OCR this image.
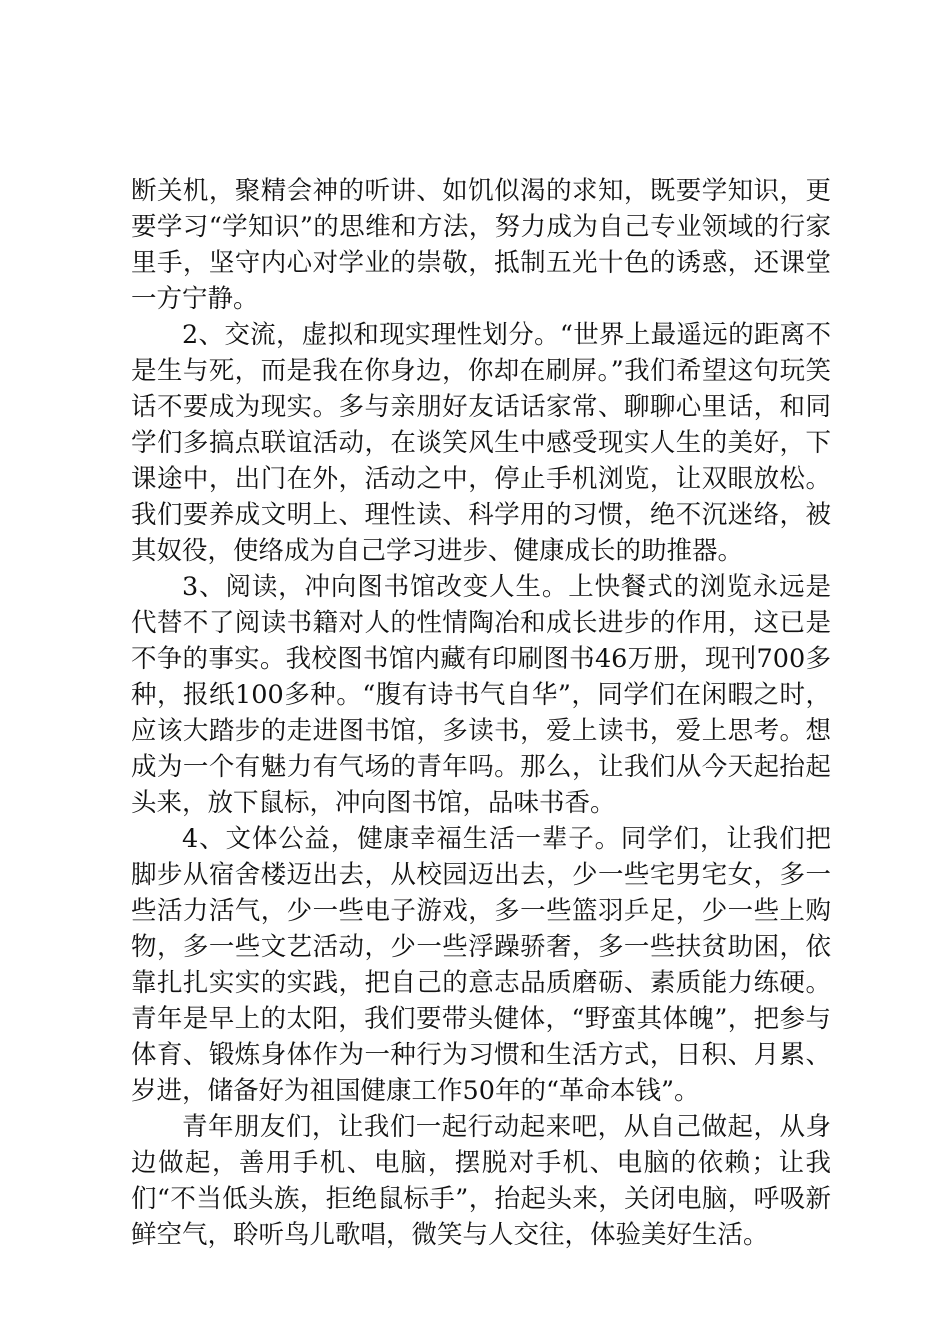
断关机，聚精会神的听讲、如饥似渴的求知，既要学知识，更要学习“学知识”的思维和方法，努力成为自己专业领域的行家里手，坚守内心对学业的崇敬，抵制五光十色的诱惑，还课堂一方宁静。

2、交流，虚拟和现实理性划分。“世界上最遥远的距离不是生与死，而是我在你身边，你却在刷屏。”我们希望这句玩笑话不要成为现实。多与亲朋好友话话家常、聊聊心里话，和同学们多搞点联谊活动，在谈笑风生中感受现实人生的美好，下课途中，出门在外，活动之中，停止手机浏览，让双眼放松。我们要养成文明上、理性读、科学用的习惯，绝不沉迷络，被其奴役，使络成为自己学习进步、健康成长的助推器。

3、阅读，冲向图书馆改变人生。上快餐式的浏览永远是代替不了阅读书籍对人的性情陶冶和成长进步的作用，这已是不争的事实。我校图书馆内藏有印刷图书46万册，现刊700多种，报纸100多种。“腹有诗书气自华”，同学们在闲暇之时，应该大踏步的走进图书馆，多读书，爱上读书，爱上思考。想成为一个有魅力有气场的青年吗。那么，让我们从今天起抬起头来，放下鼠标，冲向图书馆，品味书香。

4、文体公益，健康幸福生活一辈子。同学们，让我们把脚步从宿舍楼迈出去，从校园迈出去，少一些宅男宅女，多一些活力活气，少一些电子游戏，多一些篮羽乒足，少一些上购物，多一些文艺活动，少一些浮躁骄奢，多一些扶贫助困，依靠扎扎实实的实践，把自己的意志品质磨砺、素质能力练硬。青年是早上的太阳，我们要带头健体，“野蛮其体魄”，把参与体育、锻炼身体作为一种行为习惯和生活方式，日积、月累、岁进，储备好为祖国健康工作50年的“革命本钱”。

青年朋友们，让我们一起行动起来吧，从自己做起，从身边做起，善用手机、电脑，摆脱对手机、电脑的依赖；让我们“不当低头族，拒绝鼠标手”，抬起头来，关闭电脑，呼吸新鲜空气，聆听鸟儿歌唱，微笑与人交往，体验美好生活。
